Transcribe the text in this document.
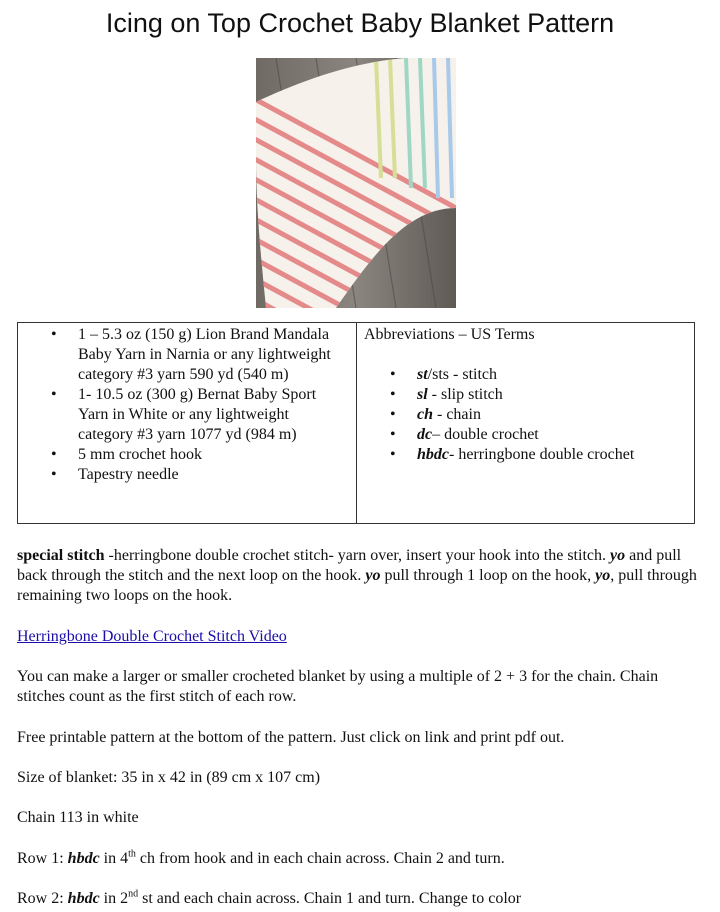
Icing on Top Crochet Baby Blanket Pattern
• 1 – 5.3 oz (150 g) Lion Brand Mandala Baby Yarn in Narnia or any lightweight category #3 yarn 590 yd (540 m)
• 1- 10.5 oz (300 g) Bernat Baby Sport Yarn in White or any lightweight category #3 yarn 1077 yd (984 m)
• 5 mm crochet hook
• Tapestry needle

Abbreviations – US Terms
• st/sts - stitch
• sl - slip stitch
• ch - chain
• dc– double crochet
• hbdc- herringbone double crochet
special stitch -herringbone double crochet stitch- yarn over, insert your hook into the stitch. yo and pull back through the stitch and the next loop on the hook. yo pull through 1 loop on the hook, yo, pull through remaining two loops on the hook.
Herringbone Double Crochet Stitch Video
You can make a larger or smaller crocheted blanket by using a multiple of 2 + 3 for the chain. Chain stitches count as the first stitch of each row.
Free printable pattern at the bottom of the pattern. Just click on link and print pdf out.
Size of blanket: 35 in x 42 in (89 cm x 107 cm)
Chain 113 in white
Row 1: hbdc in 4th ch from hook and in each chain across. Chain 2 and turn.
Row 2: hbdc in 2nd st and each chain across. Chain 1 and turn. Change to color
